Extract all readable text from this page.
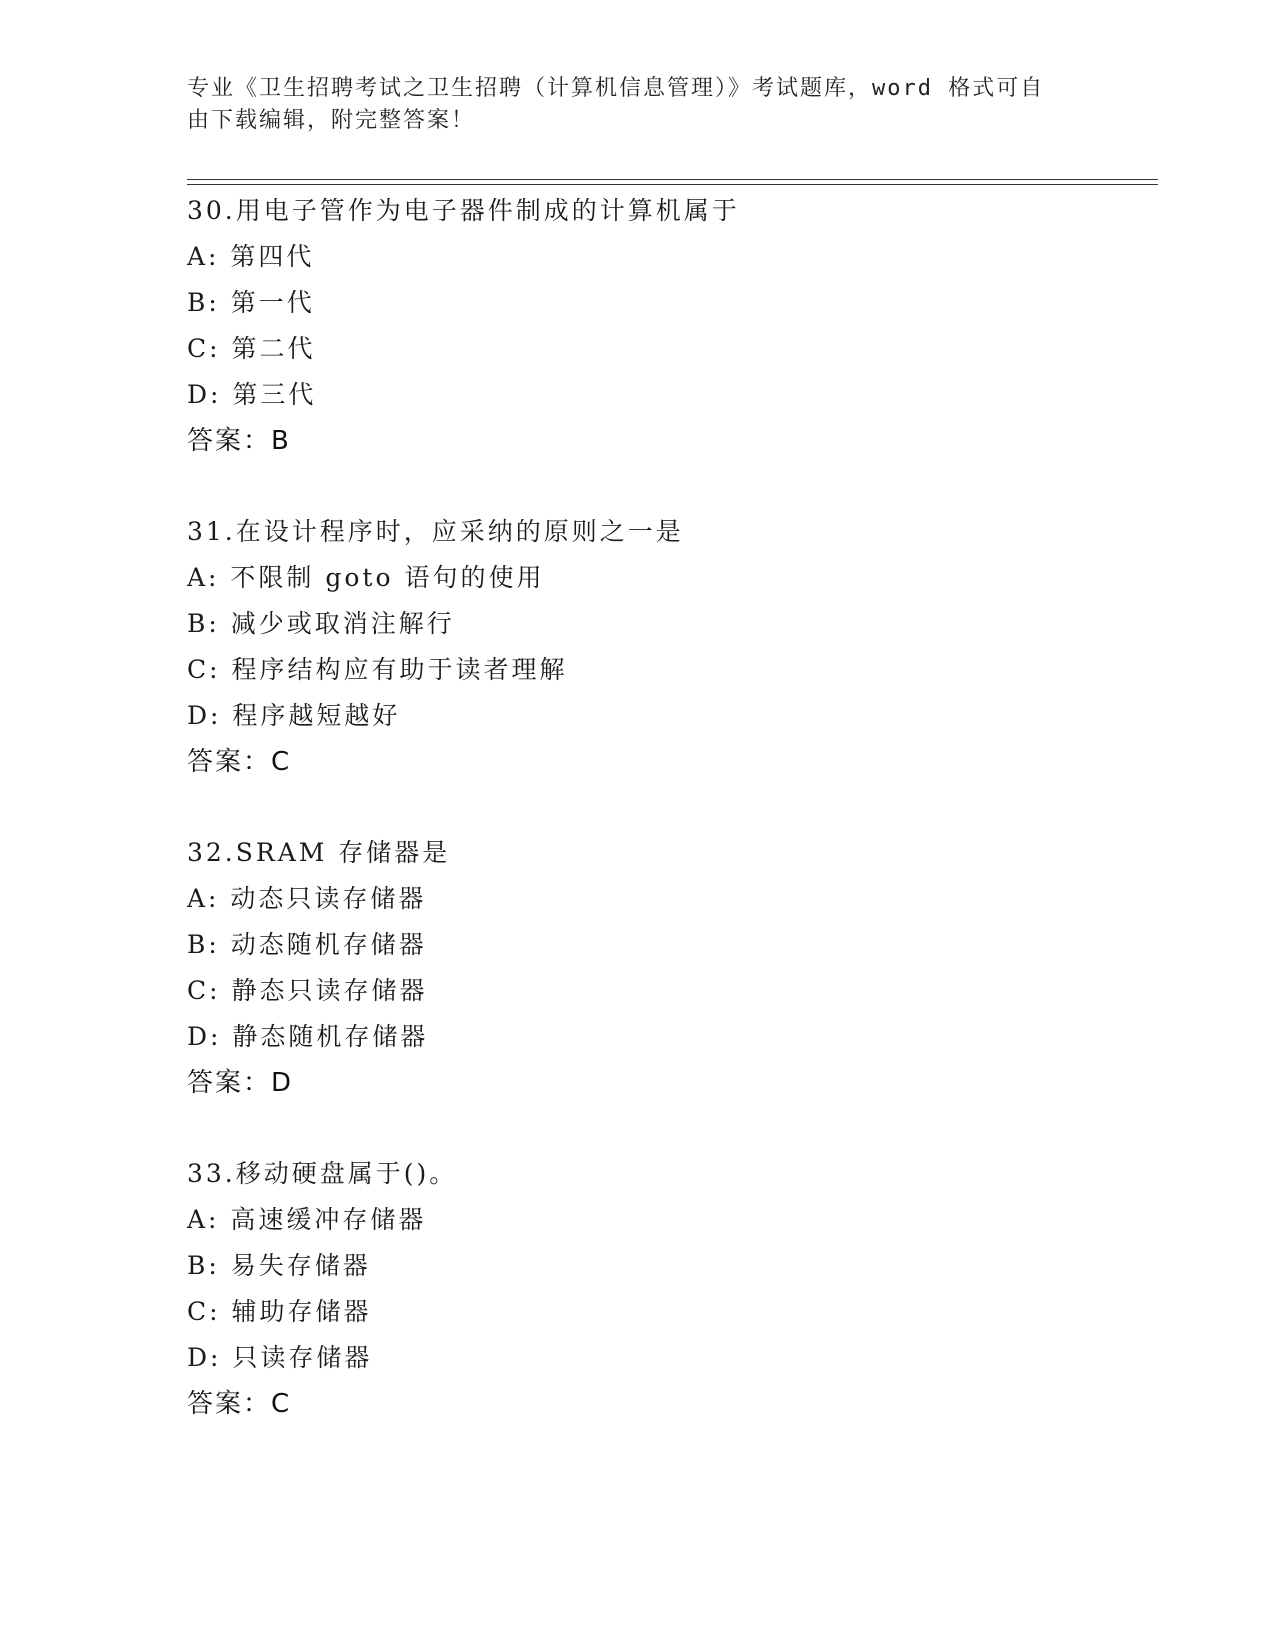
专业《卫生招聘考试之卫生招聘（计算机信息管理）》考试题库，word 格式可自
由下载编辑，附完整答案！
30.用电子管作为电子器件制成的计算机属于
A: 第四代
B: 第一代
C: 第二代
D: 第三代
答案：B
31.在设计程序时，应采纳的原则之一是
A: 不限制 goto 语句的使用
B: 减少或取消注解行
C: 程序结构应有助于读者理解
D: 程序越短越好
答案：C
32.SRAM 存储器是
A: 动态只读存储器
B: 动态随机存储器
C: 静态只读存储器
D: 静态随机存储器
答案：D
33.移动硬盘属于()。
A: 高速缓冲存储器
B: 易失存储器
C: 辅助存储器
D: 只读存储器
答案：C
